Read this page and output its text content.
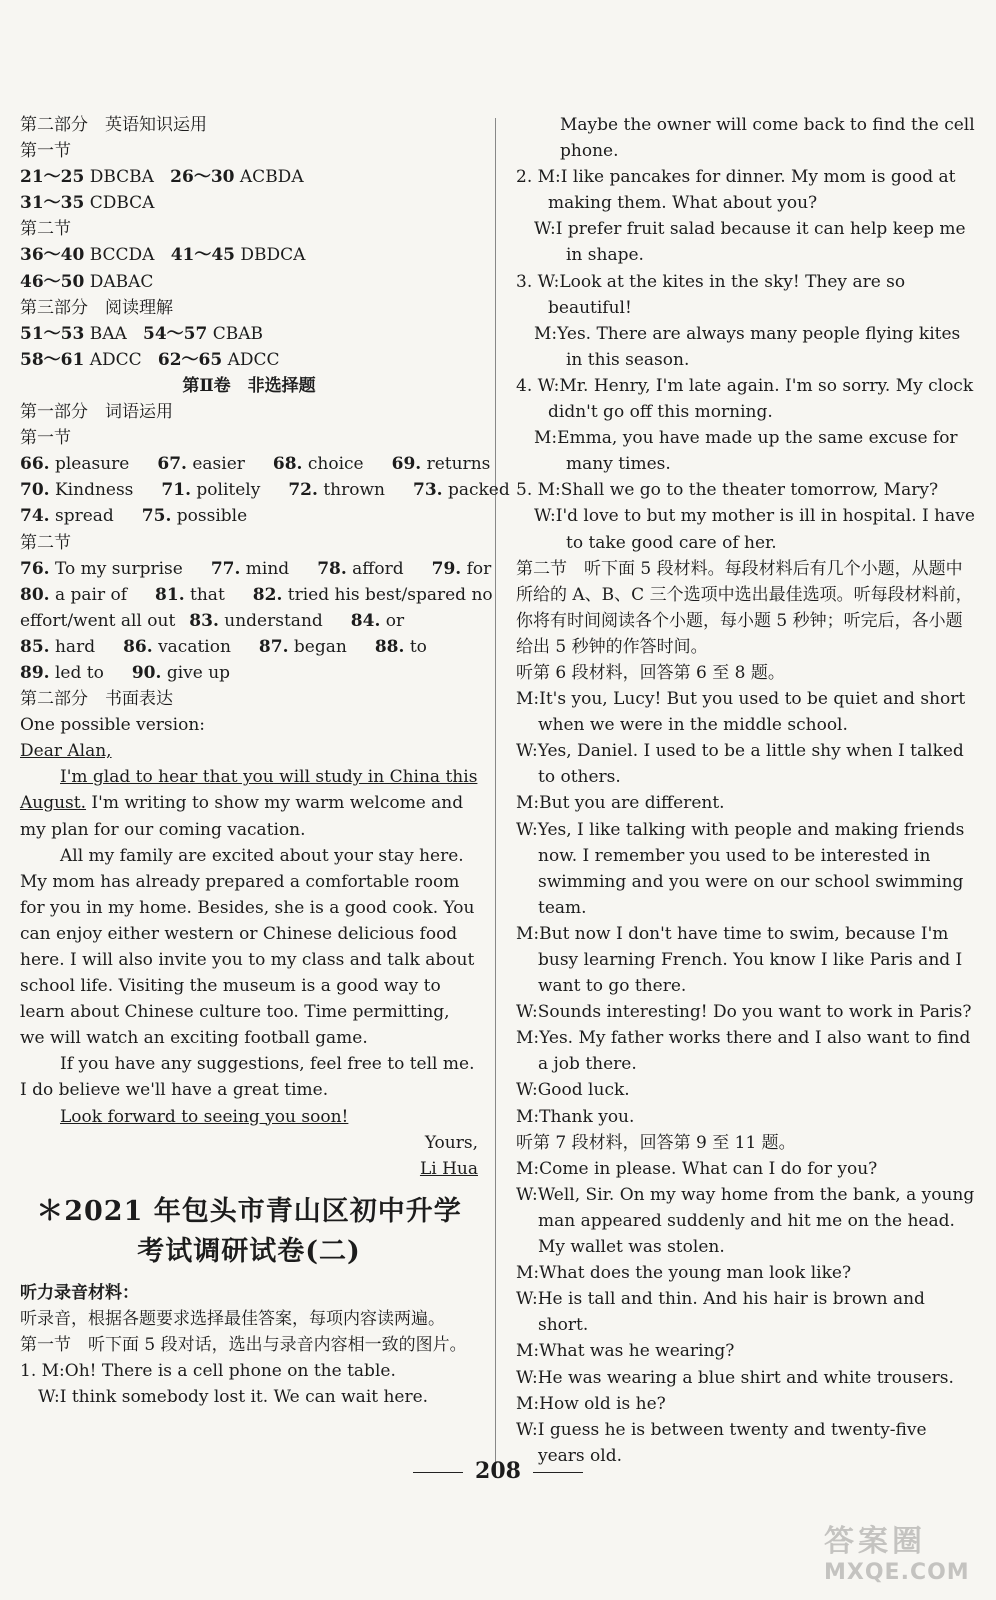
第二部分　英语知识运用
第一节
21～25 DBCBA 26～30 ACBDA
31～35 CDBCA
第二节
36～40 BCCDA 41～45 DBDCA
46～50 DABAC
第三部分　阅读理解
51～53 BAA 54～57 CBAB
58～61 ADCC 62～65 ADCC
第Ⅱ卷　非选择题
第一部分　词语运用
第一节
66. pleasure 67. easier 68. choice 69. returns
70. Kindness 71. politely 72. thrown 73. packed
74. spread 75. possible
第二节
76. To my surprise 77. mind 78. afford 79. for
80. a pair of 81. that 82. tried his best/spared no
effort/went all out 83. understand 84. or
85. hard 86. vacation 87. began 88. to
89. led to 90. give up
第二部分　书面表达
One possible version:
Dear Alan,
I'm glad to hear that you will study in China this August. I'm writing to show my warm welcome and my plan for our coming vacation.
All my family are excited about your stay here. My mom has already prepared a comfortable room for you in my home. Besides, she is a good cook. You can enjoy either western or Chinese delicious food here. I will also invite you to my class and talk about school life. Visiting the museum is a good way to learn about Chinese culture too. Time permitting, we will watch an exciting football game.
If you have any suggestions, feel free to tell me. I do believe we'll have a great time.
Look forward to seeing you soon!
Yours,
Li Hua
＊2021 年包头市青山区初中升学
考试调研试卷(二)
听力录音材料：
听录音，根据各题要求选择最佳答案，每项内容读两遍。
第一节　听下面 5 段对话，选出与录音内容相一致的图片。
1. M:Oh! There is a cell phone on the table.
W:I think somebody lost it. We can wait here.
Maybe the owner will come back to find the cell phone.
2. M:I like pancakes for dinner. My mom is good at making them. What about you?
W:I prefer fruit salad because it can help keep me in shape.
3. W:Look at the kites in the sky! They are so beautiful!
M:Yes. There are always many people flying kites in this season.
4. W:Mr. Henry, I'm late again. I'm so sorry. My clock didn't go off this morning.
M:Emma, you have made up the same excuse for many times.
5. M:Shall we go to the theater tomorrow, Mary?
W:I'd love to but my mother is ill in hospital. I have to take good care of her.
第二节　听下面 5 段材料。每段材料后有几个小题，从题中所给的 A、B、C 三个选项中选出最佳选项。听每段材料前，你将有时间阅读各个小题，每小题 5 秒钟；听完后，各小题给出 5 秒钟的作答时间。
听第 6 段材料，回答第 6 至 8 题。
M:It's you, Lucy! But you used to be quiet and short when we were in the middle school.
W:Yes, Daniel. I used to be a little shy when I talked to others.
M:But you are different.
W:Yes, I like talking with people and making friends now. I remember you used to be interested in swimming and you were on our school swimming team.
M:But now I don't have time to swim, because I'm busy learning French. You know I like Paris and I want to go there.
W:Sounds interesting! Do you want to work in Paris?
M:Yes. My father works there and I also want to find a job there.
W:Good luck.
M:Thank you.
听第 7 段材料，回答第 9 至 11 题。
M:Come in please. What can I do for you?
W:Well, Sir. On my way home from the bank, a young man appeared suddenly and hit me on the head. My wallet was stolen.
M:What does the young man look like?
W:He is tall and thin. And his hair is brown and short.
M:What was he wearing?
W:He was wearing a blue shirt and white trousers.
M:How old is he?
W:I guess he is between twenty and twenty-five years old.
208
答案圈
MXQE.COM
